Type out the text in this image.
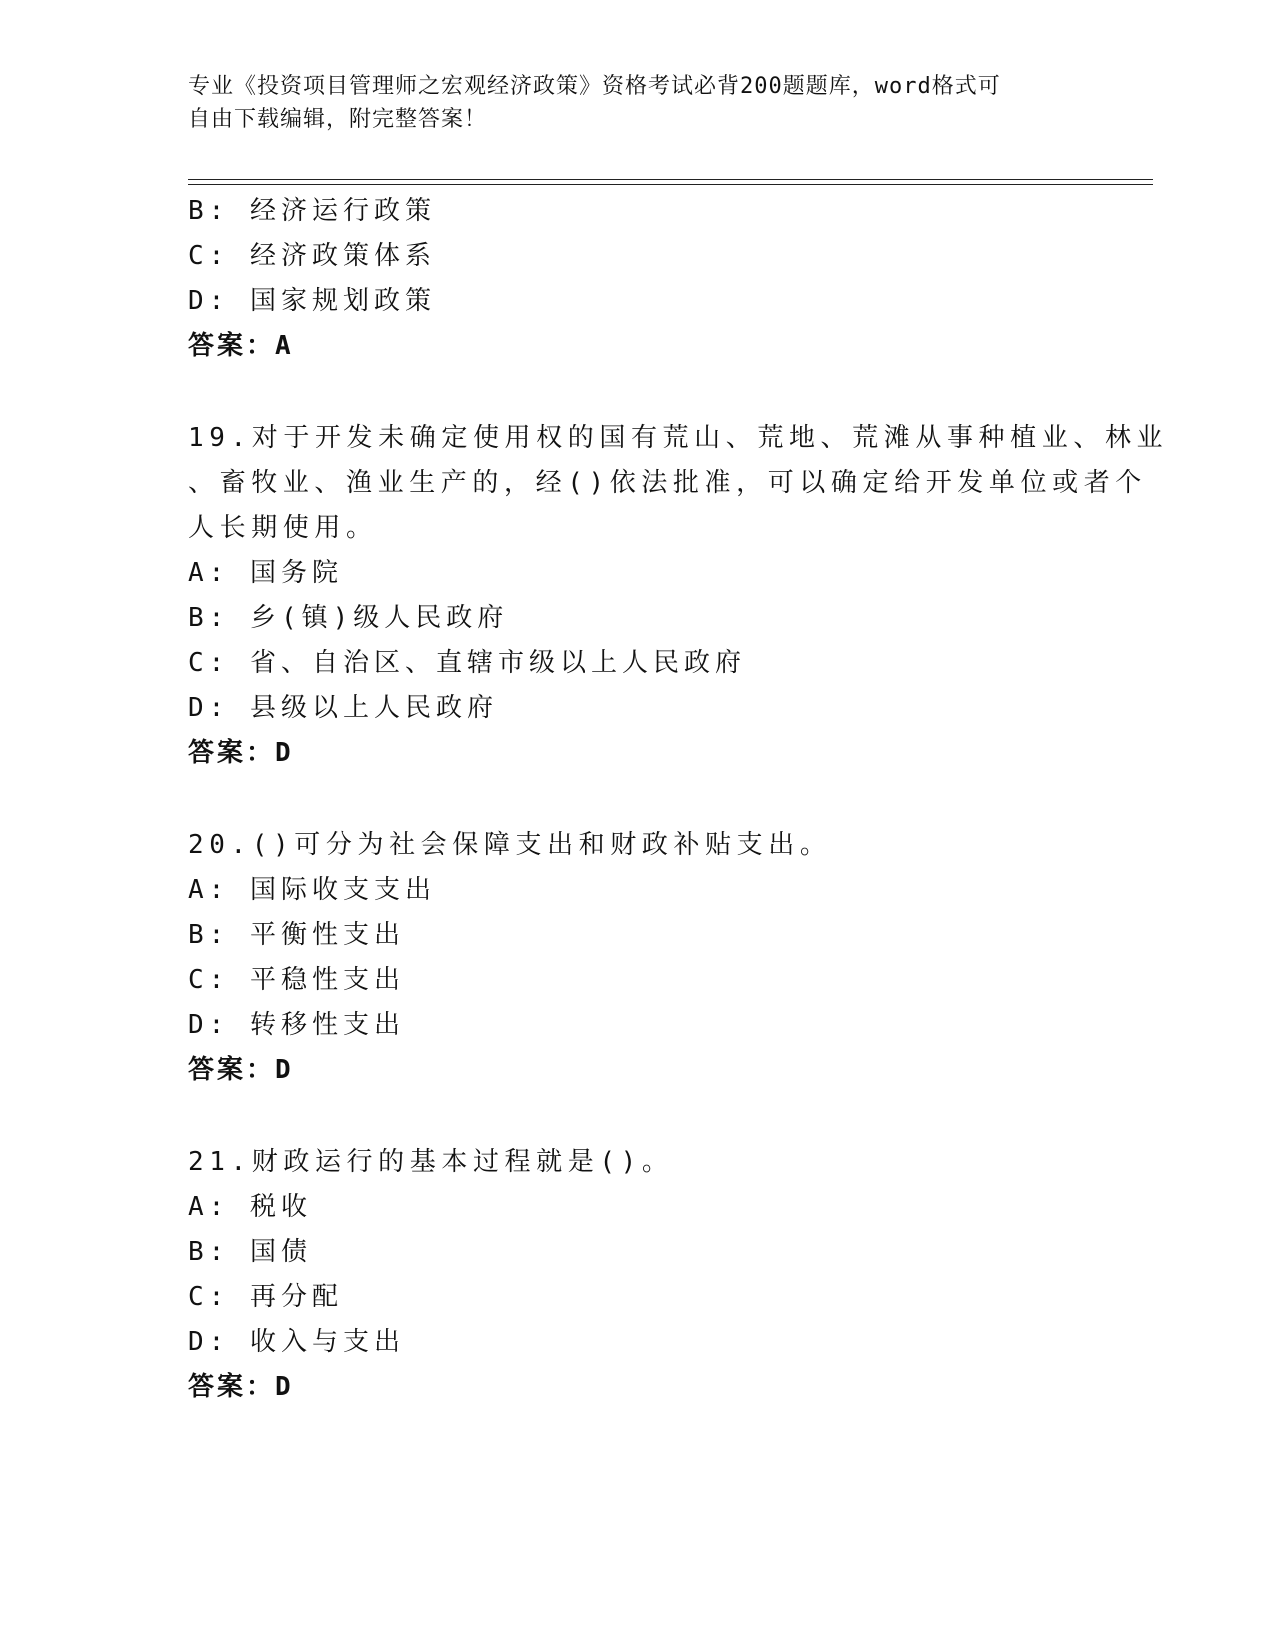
专业《投资项目管理师之宏观经济政策》资格考试必背200题题库，word格式可
自由下载编辑，附完整答案！
B: 经济运行政策
C: 经济政策体系
D: 国家规划政策
答案：A
19.对于开发未确定使用权的国有荒山、荒地、荒滩从事种植业、林业
、畜牧业、渔业生产的，经()依法批准，可以确定给开发单位或者个
人长期使用。
A: 国务院
B: 乡(镇)级人民政府
C: 省、自治区、直辖市级以上人民政府
D: 县级以上人民政府
答案：D
20.()可分为社会保障支出和财政补贴支出。
A: 国际收支支出
B: 平衡性支出
C: 平稳性支出
D: 转移性支出
答案：D
21.财政运行的基本过程就是()。
A: 税收
B: 国债
C: 再分配
D: 收入与支出
答案：D
